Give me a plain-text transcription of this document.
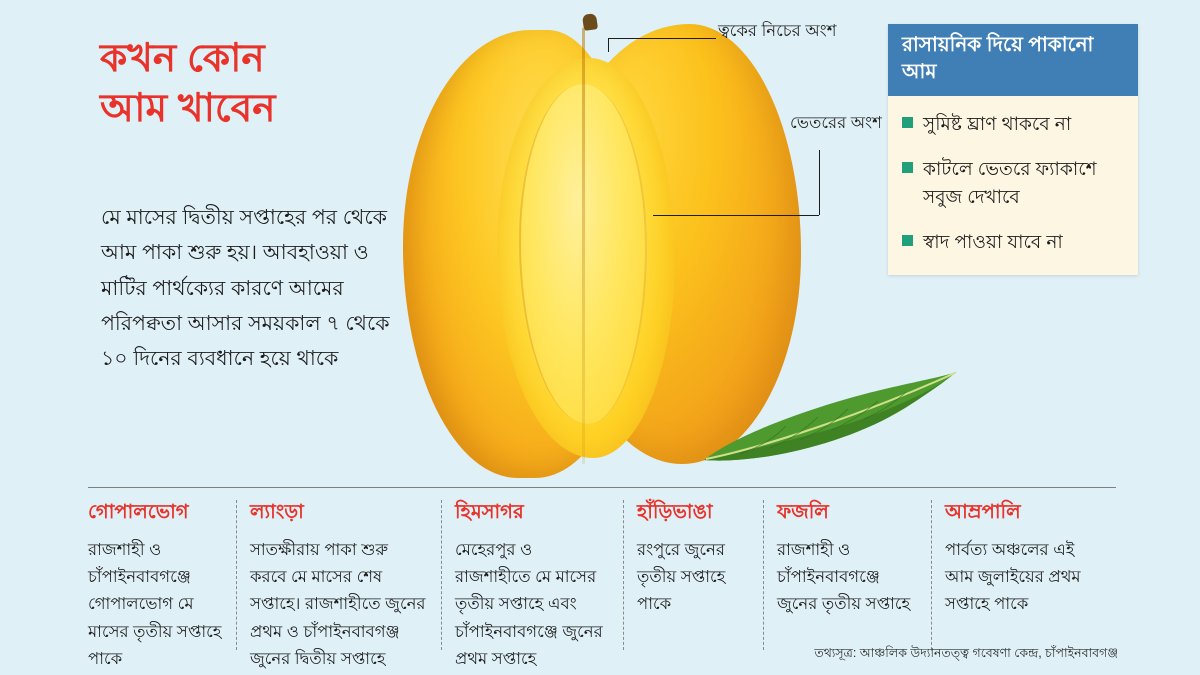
কখন কোন
আম খাবেন
মে মাসের দ্বিতীয় সপ্তাহের পর থেকে আম পাকা শুরু হয়। আবহাওয়া ও মাটির পার্থক্যের কারণে আমের পরিপক্বতা আসার সময়কাল ৭ থেকে ১০ দিনের ব্যবধানে হয়ে থাকে
ত্বকের নিচের অংশ
ভেতরের অংশ
রাসায়নিক দিয়ে পাকানো আম
সুমিষ্ট ঘ্রাণ থাকবে না
কাটলে ভেতরে ফ্যাকাশে সবুজ দেখাবে
স্বাদ পাওয়া যাবে না
গোপালভোগ
রাজশাহী ও চাঁপাইনবাবগঞ্জে গোপালভোগ মে মাসের তৃতীয় সপ্তাহে পাকে
ল্যাংড়া
সাতক্ষীরায় পাকা শুরু করবে মে মাসের শেষ সপ্তাহে। রাজশাহীতে জুনের প্রথম ও চাঁপাইনবাবগঞ্জ জুনের দ্বিতীয় সপ্তাহে
হিমসাগর
মেহেরপুর ও রাজশাহীতে মে মাসের তৃতীয় সপ্তাহে এবং চাঁপাইনবাবগঞ্জে জুনের প্রথম সপ্তাহে
হাঁড়িভাঙা
রংপুরে জুনের তৃতীয় সপ্তাহে পাকে
ফজলি
রাজশাহী ও চাঁপাইনবাবগঞ্জে জুনের তৃতীয় সপ্তাহে
আম্রপালি
পার্বত্য অঞ্চলের এই আম জুলাইয়ের প্রথম সপ্তাহে পাকে
তথ্যসূত্র: আঞ্চলিক উদ্যানতত্ত্ব গবেষণা কেন্দ্র, চাঁপাইনবাবগঞ্জ
